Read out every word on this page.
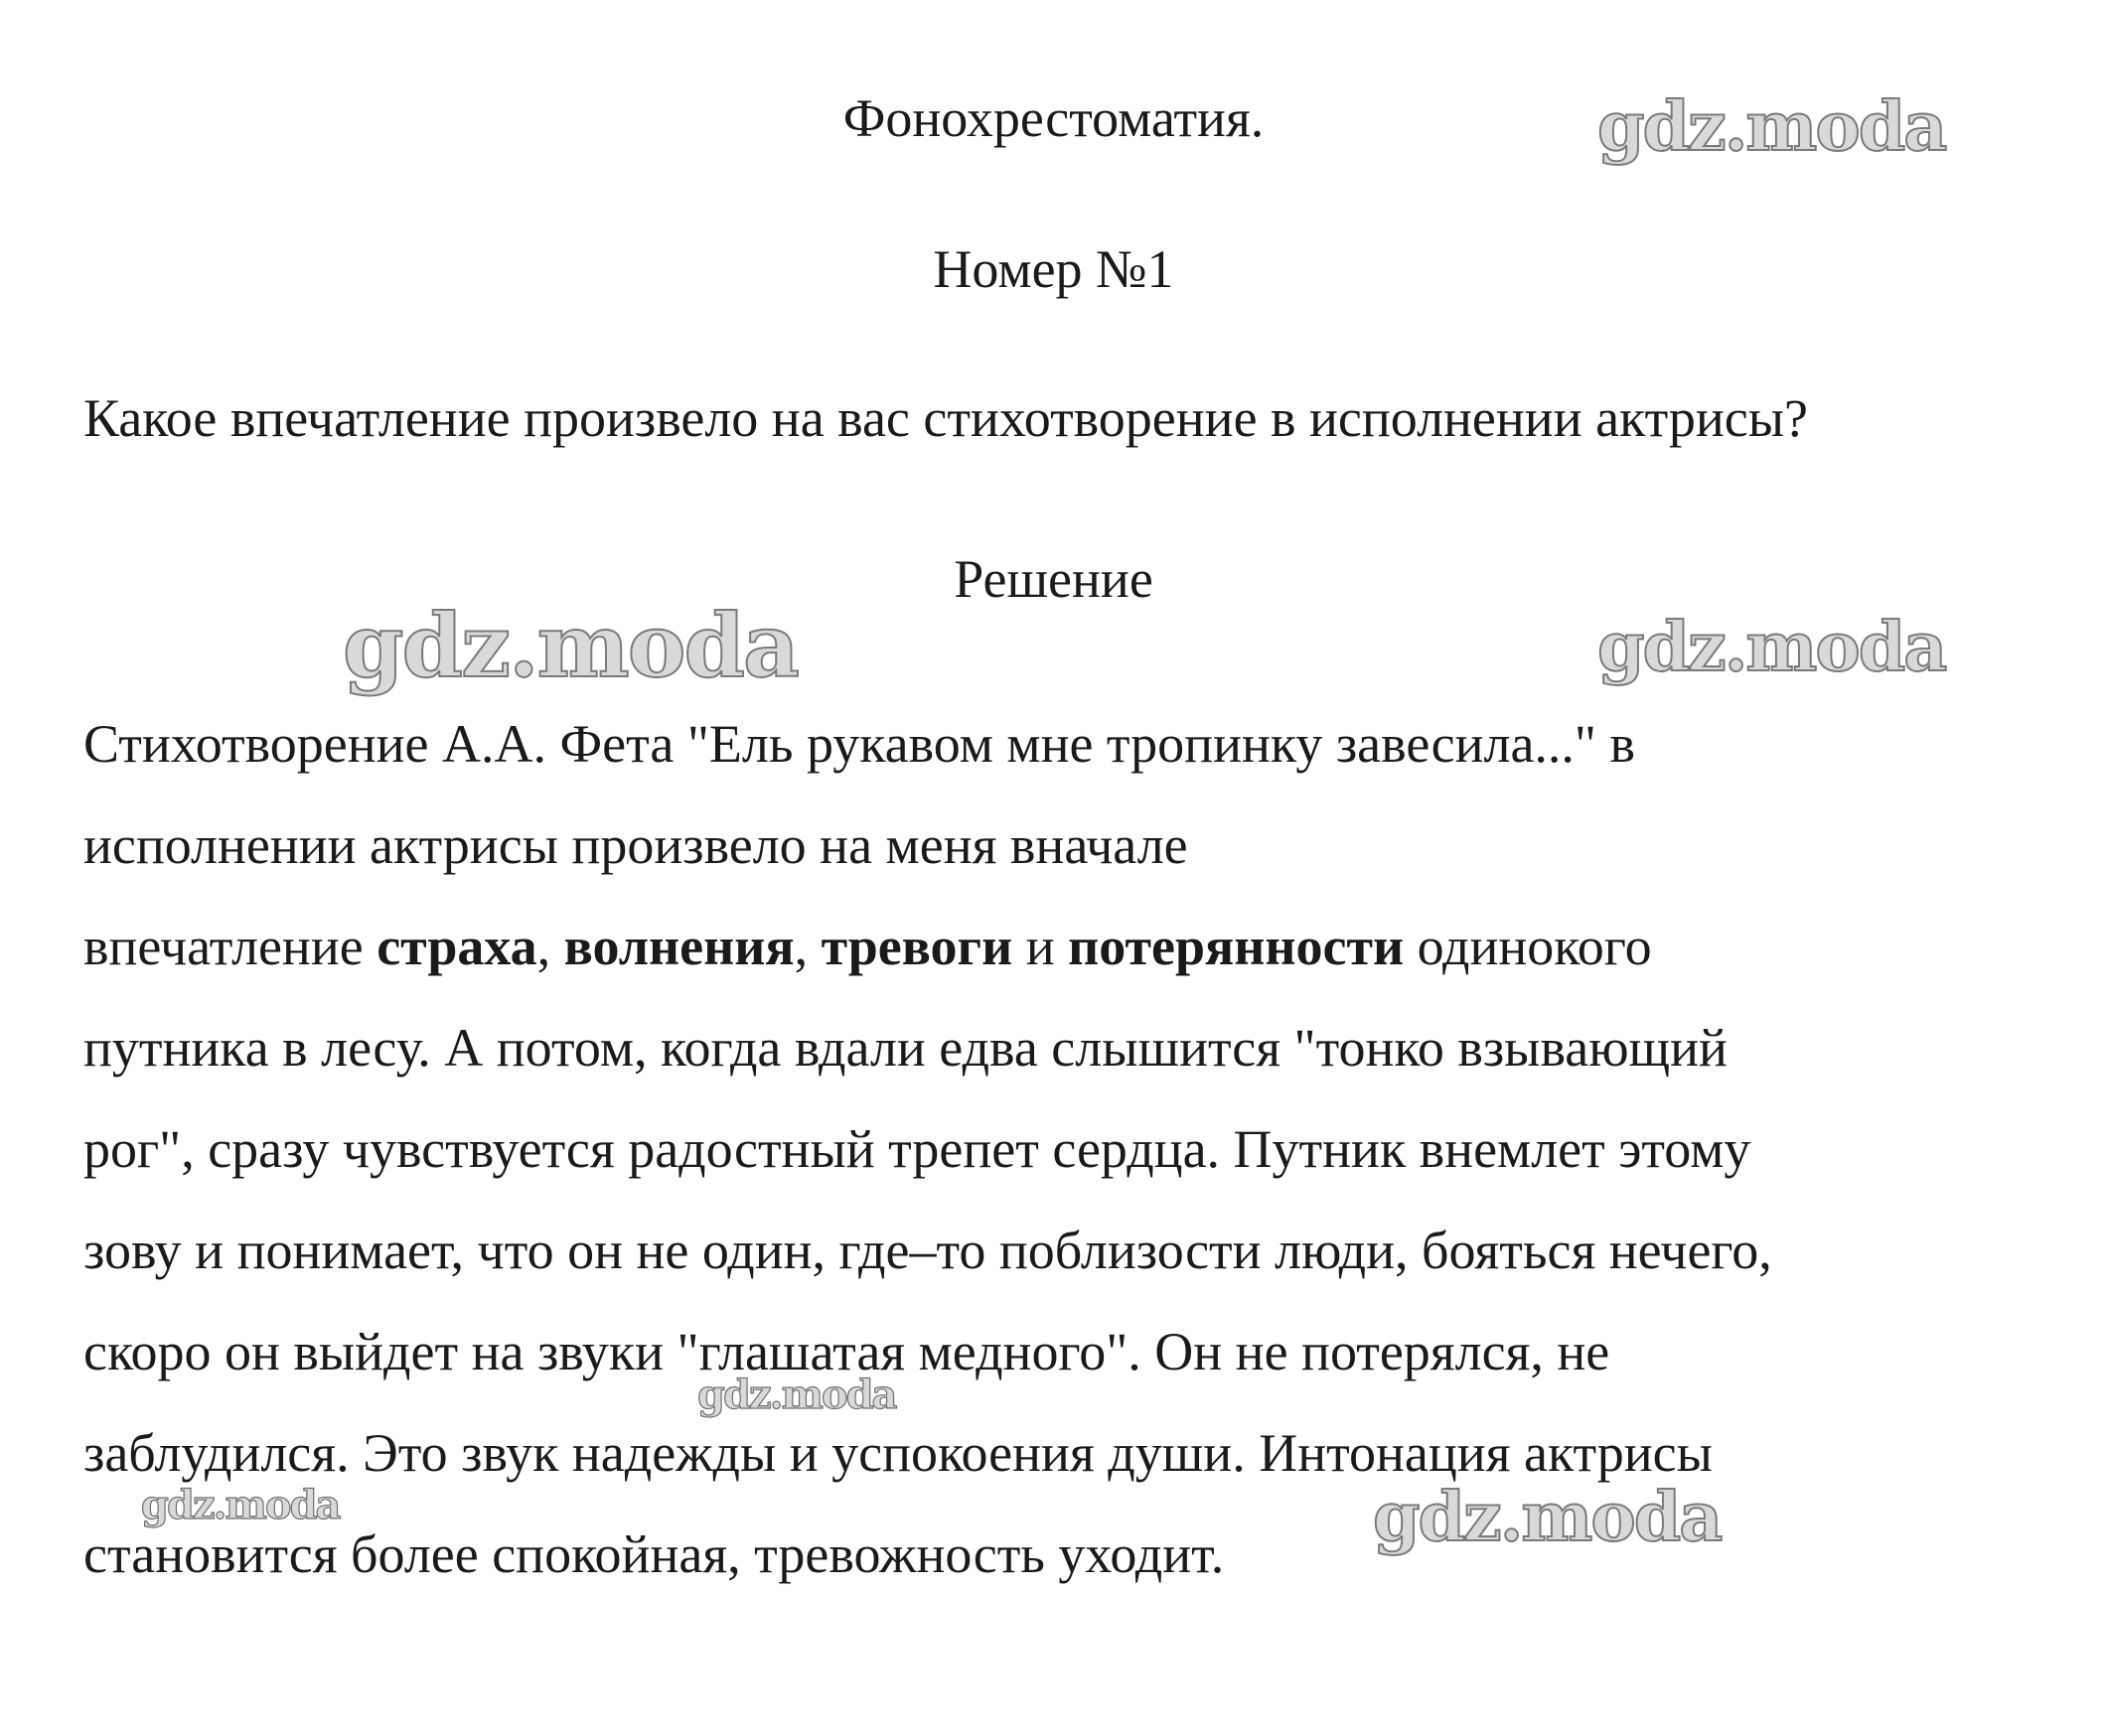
Фонохрестоматия.
Номер №1
Какое впечатление произвело на вас стихотворение в исполнении актрисы?
Решение
Стихотворение А.А. Фета "Ель рукавом мне тропинку завесила..." в
исполнении актрисы произвело на меня вначале
впечатление страха, волнения, тревоги и потерянности одинокого
путника в лесу. А потом, когда вдали едва слышится "тонко взывающий
рог", сразу чувствуется радостный трепет сердца. Путник внемлет этому
зову и понимает, что он не один, где–то поблизости люди, бояться нечего,
скоро он выйдет на звуки "глашатая медного". Он не потерялся, не
заблудился. Это звук надежды и успокоения души. Интонация актрисы
становится более спокойная, тревожность уходит.
gdz.moda
gdz.moda	gdz.moda
gdz.moda
gdz.moda	gdz.moda
